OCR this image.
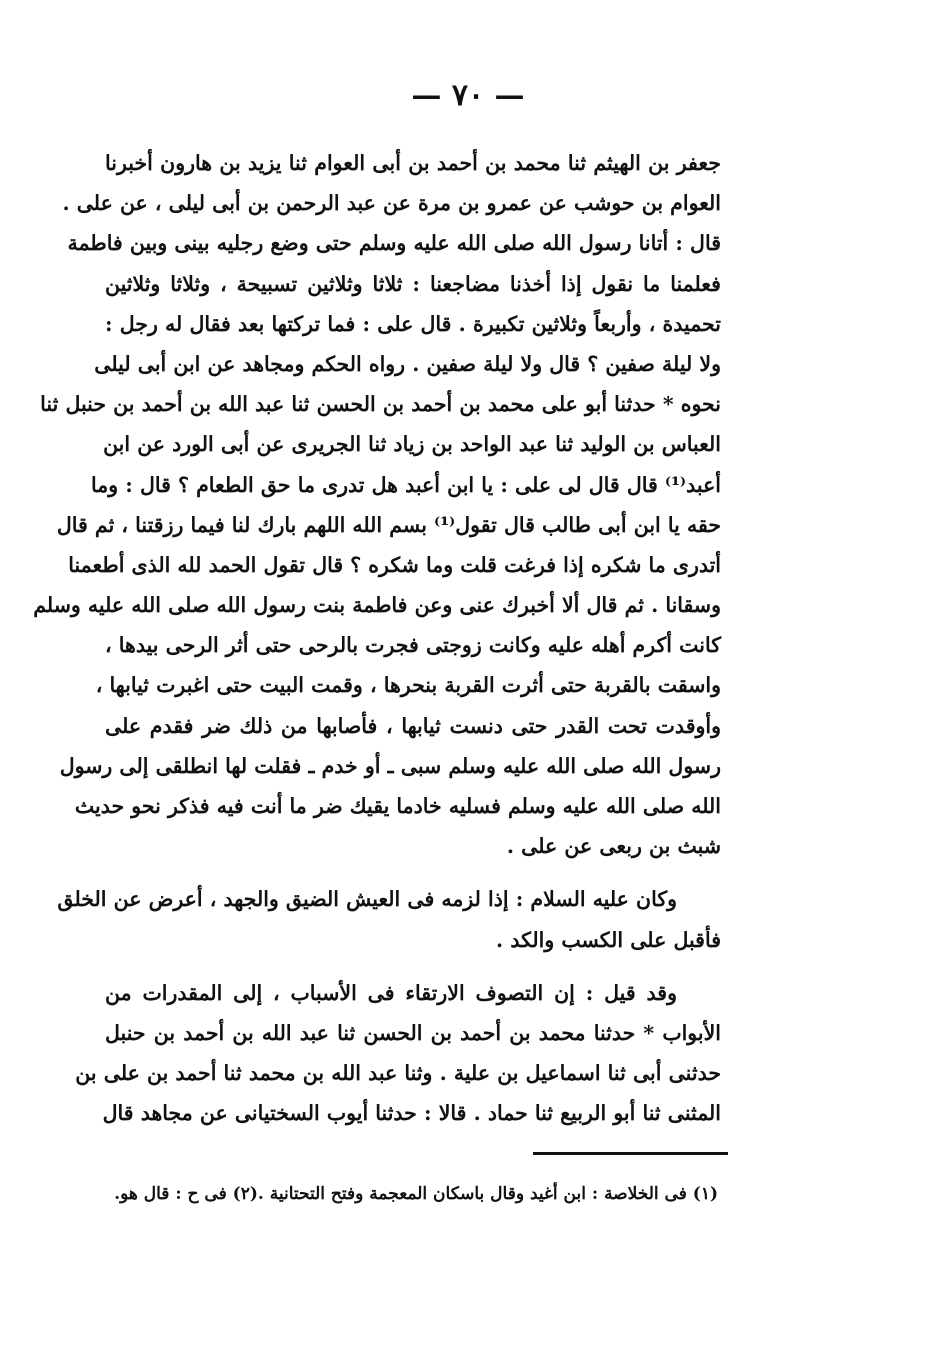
— ٧٠ —
جعفر بن الهيثم ثنا محمد بن أحمد بن أبى العوام ثنا يزيد بن هارون أخبرنا
العوام بن حوشب عن عمرو بن مرة عن عبد الرحمن بن أبى ليلى ، عن على .
قال : أتانا رسول الله صلى الله عليه وسلم حتى وضع رجليه بينى وبين فاطمة
فعلمنا ما نقول إذا أخذنا مضاجعنا : ثلاثا وثلاثين تسبيحة ، وثلاثا وثلاثين
تحميدة ، وأربعاً وثلاثين تكبيرة . قال على : فما تركتها بعد فقال له رجل :
ولا ليلة صفين ؟ قال ولا ليلة صفين . رواه الحكم ومجاهد عن ابن أبى ليلى
نحوه * حدثنا أبو على محمد بن أحمد بن الحسن ثنا عبد الله بن أحمد بن حنبل ثنا
العباس بن الوليد ثنا عبد الواحد بن زياد ثنا الجريرى عن أبى الورد عن ابن
أعبد⁽¹⁾ قال قال لى على : يا ابن أعبد هل تدرى ما حق الطعام ؟ قال : وما
حقه يا ابن أبى طالب قال تقول⁽¹⁾ بسم الله اللهم بارك لنا فيما رزقتنا ، ثم قال
أتدرى ما شكره إذا فرغت قلت وما شكره ؟ قال تقول الحمد لله الذى أطعمنا
وسقانا . ثم قال ألا أخبرك عنى وعن فاطمة بنت رسول الله صلى الله عليه وسلم
كانت أكرم أهله عليه وكانت زوجتى فجرت بالرحى حتى أثر الرحى بيدها ،
واسقت بالقربة حتى أثرت القربة بنحرها ، وقمت البيت حتى اغبرت ثيابها ،
وأوقدت تحت القدر حتى دنست ثيابها ، فأصابها من ذلك ضر فقدم على
رسول الله صلى الله عليه وسلم سبى ـ أو خدم ـ فقلت لها انطلقى إلى رسول
الله صلى الله عليه وسلم فسليه خادما يقيك ضر ما أنت فيه فذكر نحو حديث
شبث بن ربعى عن على .
وكان عليه السلام : إذا لزمه فى العيش الضيق والجهد ، أعرض عن الخلق
فأقبل على الكسب والكد .
وقد قيل : إن التصوف الارتقاء فى الأسباب ، إلى المقدرات من
الأبواب * حدثنا محمد بن أحمد بن الحسن ثنا عبد الله بن أحمد بن حنبل
حدثنى أبى ثنا اسماعيل بن علية . وثنا عبد الله بن محمد ثنا أحمد بن على بن
المثنى ثنا أبو الربيع ثنا حماد . قالا : حدثنا أيوب السختيانى عن مجاهد قال
(١) فى الخلاصة : ابن أغيد وقال باسكان المعجمة وفتح التحتانية .(٢) فى ح : قال هو.
